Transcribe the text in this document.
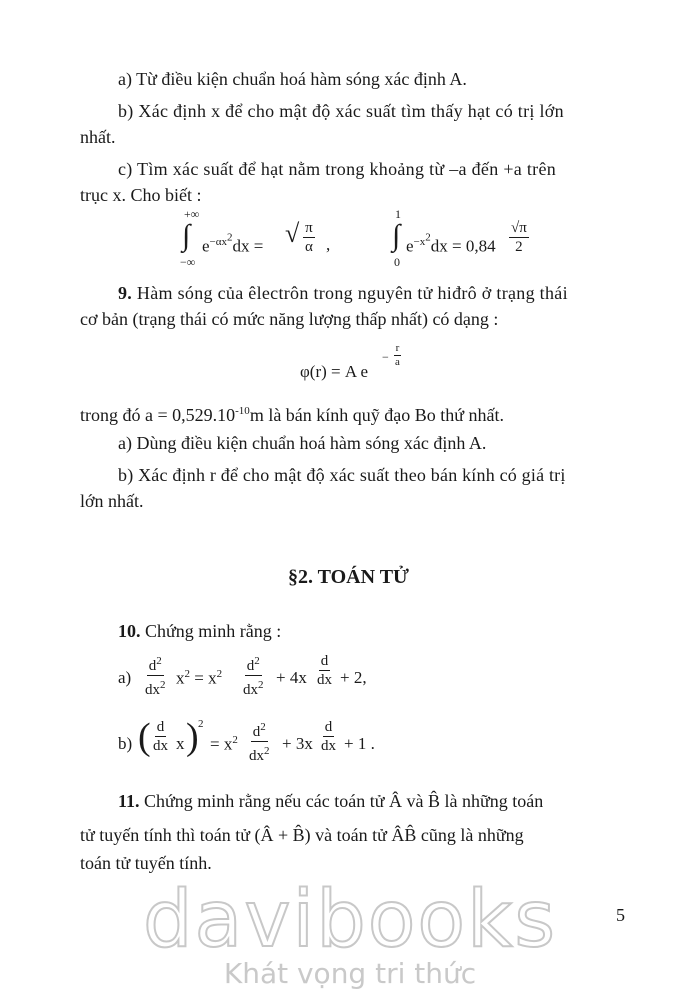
a) Từ điều kiện chuẩn hoá hàm sóng xác định A.
b) Xác định x để cho mật độ xác suất tìm thấy hạt có trị lớn
nhất.
c) Tìm xác suất để hạt nằm trong khoảng từ –a đến +a trên
trục x. Cho biết :
+∞
∫
−∞
$e^{-\alpha x^2}dx$ = √ $\frac{\pi}{\alpha}$ ,
1
∫
0
$e^{-x^2}dx = 0,84 \frac{√\pi}{2}$
9. Hàm sóng của êlectrôn trong nguyên tử hiđrô ở trạng thái
cơ bản (trạng thái có mức năng lượng thấp nhất) có dạng :
φ(r) = A e
− $\frac{r}{a}$
trong đó $a = 0,529.10^{-10}m$ là bán kính quỹ đạo Bo thứ nhất.
a) Dùng điều kiện chuẩn hoá hàm sóng xác định A.
b) Xác định r để cho mật độ xác suất theo bán kính có giá trị
lớn nhất.
§2. TOÁN TỬ
10. Chứng minh rằng :
$a) \frac{d^2}{dx^2} x^2 = x^2 \frac{d^2}{dx^2} + 4x \frac{d}{dx} + 2$,
b) ( $\frac{d}{dx}$ x ) 2
= $x^2 \frac{d^2}{dx^2} + 3x \frac{d}{dx} + 1$ .
11. Chứng minh rằng nếu các toán tử Â và B̂ là những toán
tử tuyến tính thì toán tử (Â + B̂) và toán tử ÂB̂ cũng là những
toán tử tuyến tính.
5
davibooks
Khát vọng tri thức
